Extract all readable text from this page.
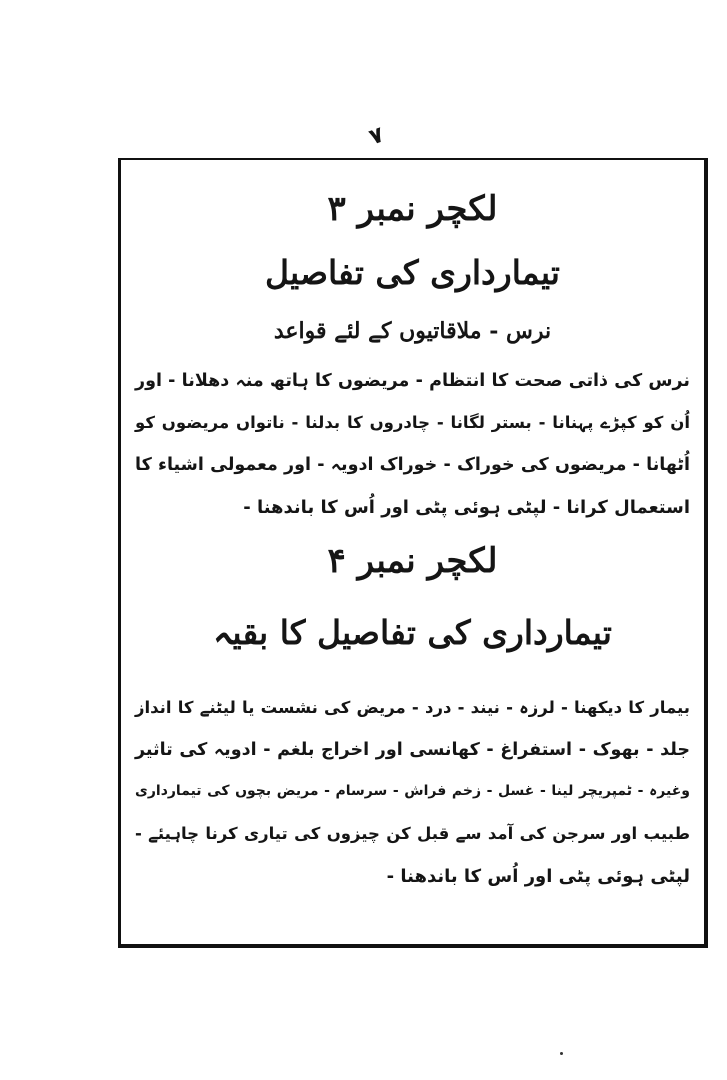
۷
لکچر نمبر ۳
تیمارداری کی تفاصیل
نرس - ملاقاتیوں کے لئے قواعد
نرس کی ذاتی صحت کا انتظام - مریضوں کا ہاتھ منہ دھلانا - اور
اُن کو کپڑے پہنانا - بستر لگانا - چادروں کا بدلنا - ناتواں مریضوں کو
اُٹھانا - مریضوں کی خوراک - خوراک ادویہ - اور معمولی اشیاء کا
استعمال کرانا - لپٹی ہوئی پٹی اور اُس کا باندھنا -
لکچر نمبر ۴
تیمارداری کی تفاصیل کا بقیہ
بیمار کا دیکھنا - لرزہ - نیند - درد - مریض کی نشست یا لیٹنے کا انداز
جلد - بھوک - استفراغ - کھانسی اور اخراج بلغم - ادویہ کی تاثیر
وغیرہ - ٹمپریچر لینا - غسل - زخم فراش - سرسام - مریض بچوں کی تیمارداری
طبیب اور سرجن کی آمد سے قبل کن چیزوں کی تیاری کرنا چاہیئے -
لپٹی ہوئی پٹی اور اُس کا باندھنا -
